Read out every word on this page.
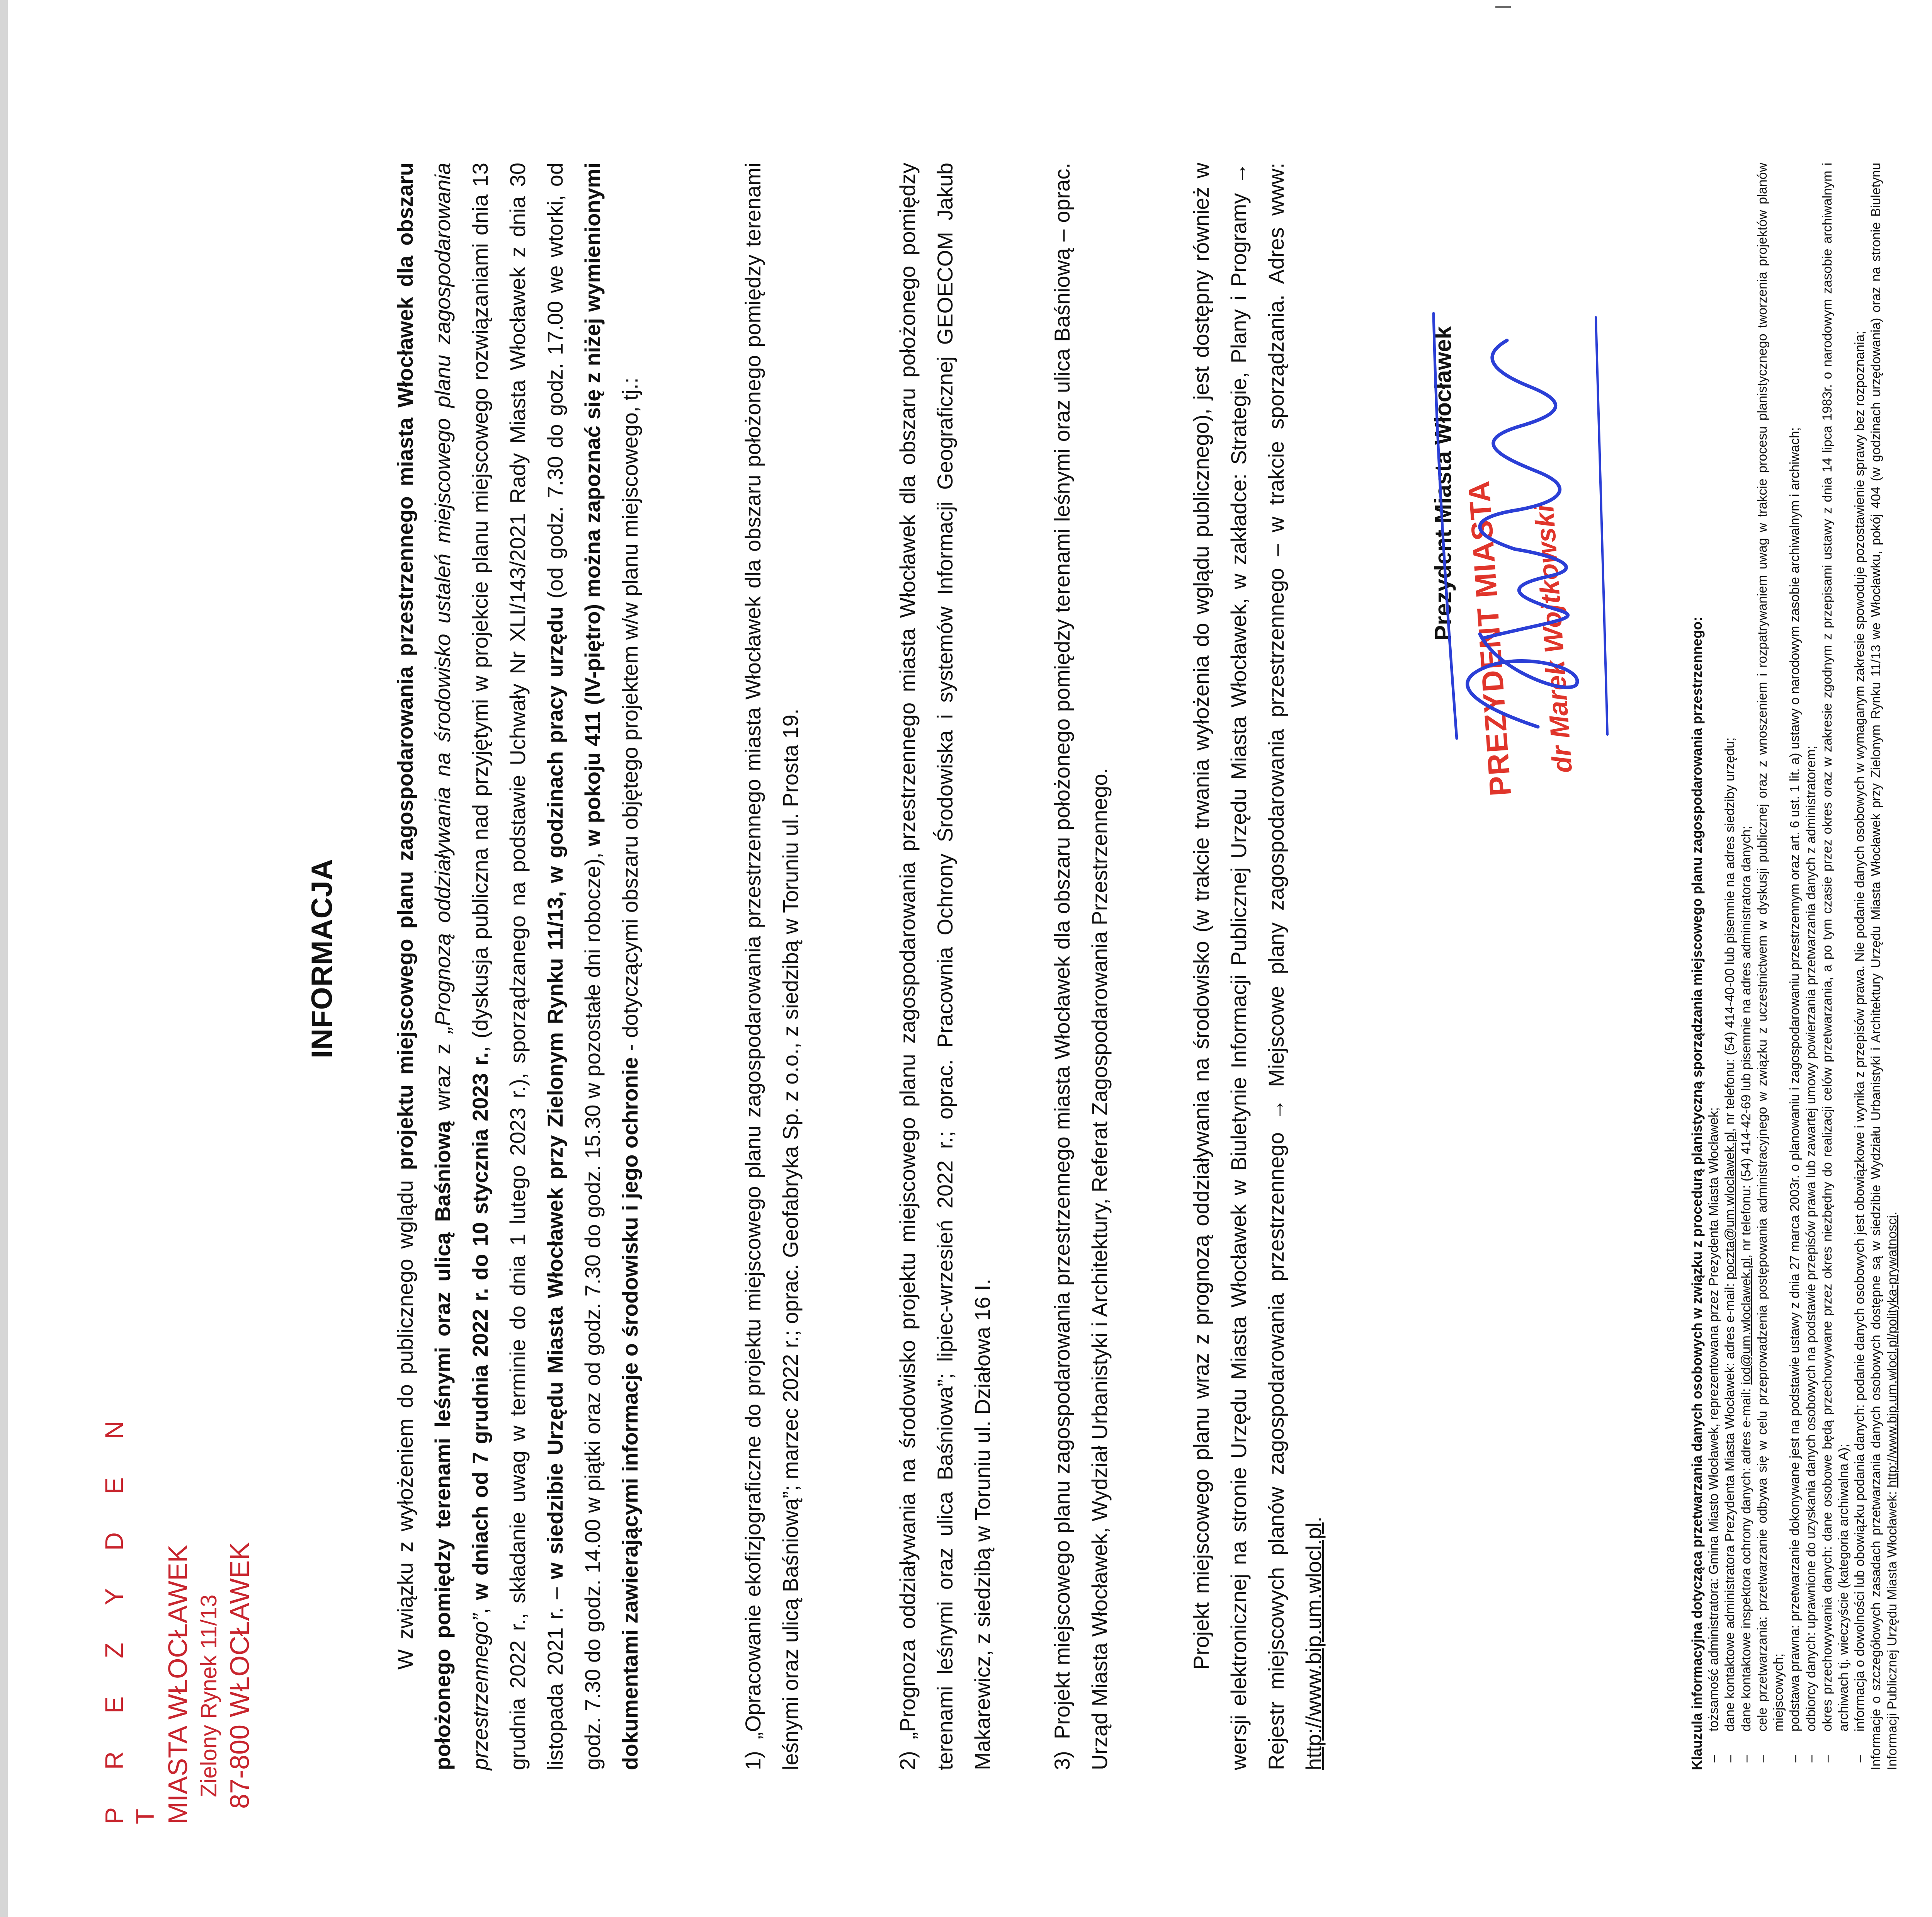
P R E Z Y D E N T MIASTA WŁOCŁAWEK Zielony Rynek 11/13 87-800 WŁOCŁAWEK
INFORMACJA
W związku z wyłożeniem do publicznego wglądu projektu miejscowego planu zagospodarowania przestrzennego miasta Włocławek dla obszaru położonego pomiędzy terenami leśnymi oraz ulicą Baśniową wraz z „Prognozą oddziaływania na środowisko ustaleń miejscowego planu zagospodarowania przestrzennego”, w dniach od 7 grudnia 2022 r. do 10 stycznia 2023 r., (dyskusja publiczna nad przyjętymi w projekcie planu miejscowego rozwiązaniami dnia 13 grudnia 2022 r., składanie uwag w terminie do dnia 1 lutego 2023 r.), sporządzanego na podstawie Uchwały Nr XLI/143/2021 Rady Miasta Włocławek z dnia 30 listopada 2021 r. – w siedzibie Urzędu Miasta Włocławek przy Zielonym Rynku 11/13, w godzinach pracy urzędu (od godz. 7.30 do godz. 17.00 we wtorki, od godz. 7.30 do godz. 14.00 w piątki oraz od godz. 7.30 do godz. 15.30 w pozostałe dni robocze), w pokoju 411 (IV-piętro) można zapoznać się z niżej wymienionymi dokumentami zawierającymi informacje o środowisku i jego ochronie - dotyczącymi obszaru objętego projektem w/w planu miejscowego, tj.:
1)„Opracowanie ekofizjograficzne do projektu miejscowego planu zagospodarowania przestrzennego miasta Włocławek dla obszaru położonego pomiędzy terenami leśnymi oraz ulicą Baśniową”; marzec 2022 r.; oprac. Geofabryka Sp. z o.o., z siedzibą w Toruniu ul. Prosta 19.	2)„Prognoza oddziaływania na środowisko projektu miejscowego planu zagospodarowania przestrzennego miasta Włocławek dla obszaru położonego pomiędzy terenami leśnymi oraz ulica Baśniowa”; lipiec-wrzesień 2022 r.; oprac. Pracownia Ochrony Środowiska i systemów Informacji Geograficznej GEOECOM Jakub Makarewicz, z siedzibą w Toruniu ul. Działowa 16 I.	3)Projekt miejscowego planu zagospodarowania przestrzennego miasta Włocławek dla obszaru położonego pomiędzy terenami leśnymi oraz ulica Baśniową – oprac. Urząd Miasta Włocławek, Wydział Urbanistyki i Architektury, Referat Zagospodarowania Przestrzennego.	Projekt miejscowego planu wraz z prognozą oddziaływania na środowisko (w trakcie trwania wyłożenia do wglądu publicznego), jest dostępny również w wersji elektronicznej na stronie Urzędu Miasta Włocławek w Biuletynie Informacji Publicznej Urzędu Miasta Włocławek, w zakładce: Strategie, Plany i Programy → Rejestr miejscowych planów zagospodarowania przestrzennego → Miejscowe plany zagospodarowania przestrzennego – w trakcie sporządzania. Adres www: http://www.bip.um.wlocl.pl.
Prezydent Miasta Włocławek PREZYDENT MIASTA dr Marek Wojtkowski	Klauzula informacyjna dotycząca przetwarzania danych osobowych w związku z procedurą planistyczną sporządzania miejscowego planu zagospodarowania przestrzennego: – tożsamość administratora: Gmina Miasto Włocławek, reprezentowana przez Prezydenta Miasta Włocławek; – dane kontaktowe administratora Prezydenta Miasta Włocławek: adres e-mail: poczta@um.wloclawek.pl, nr telefonu: (54) 414-40-00 lub pisemnie na adres siedziby urzędu;
– dane kontaktowe inspektora ochrony danych: adres e-mail: iod@um.wloclawek.pl, nr telefonu: (54) 414-42-69 lub pisemnie na adres administratora danych; – cele przetwarzania: przetwarzanie odbywa się w celu przeprowadzenia postępowania administracyjnego w związku z uczestnictwem w dyskusji publicznej oraz z wnoszeniem i rozpatrywaniem uwag w trakcie procesu planistycznego tworzenia projektów planów miejscowych; – podstawa prawna: przetwarzanie dokonywane jest na podstawie ustawy z dnia 27 marca 2003r. o planowaniu i zagospodarowaniu przestrzennym oraz art. 6 ust. 1 lit. a) ustawy o narodowym zasobie archiwalnym i archiwach; – odbiorcy danych: uprawnione do uzyskania danych osobowych na podstawie przepisów prawa lub zawartej umowy powierzania przetwarzania danych z administratorem; – okres przechowywania danych: dane osobowe będą przechowywane przez okres niezbędny do realizacji celów przetwarzania, a po tym czasie przez okres oraz w zakresie zgodnym z przepisami ustawy z dnia 14 lipca 1983r. o narodowym zasobie archiwalnym i archiwach tj. wieczyście (kategoria archiwalna A); – informacja o dowolności lub obowiązku podania danych: podanie danych osobowych jest obowiązkowe i wynika z przepisów prawa. Nie podanie danych osobowych w wymaganym zakresie spowoduje pozostawienie sprawy bez rozpoznania; Informacje o szczegółowych zasadach przetwarzania danych osobowych dostępne są w siedzibie Wydziału Urbanistyki i Architektury Urzędu Miasta Włocławek przy Zielonym Rynku 11/13 we Włocławku, pokój 404 (w godzinach urzędowania) oraz na stronie Biuletynu Informacji Publicznej Urzędu Miasta Włocławek: http://www.bip.um.wlocl.pl/polityka-prywatnosci.
